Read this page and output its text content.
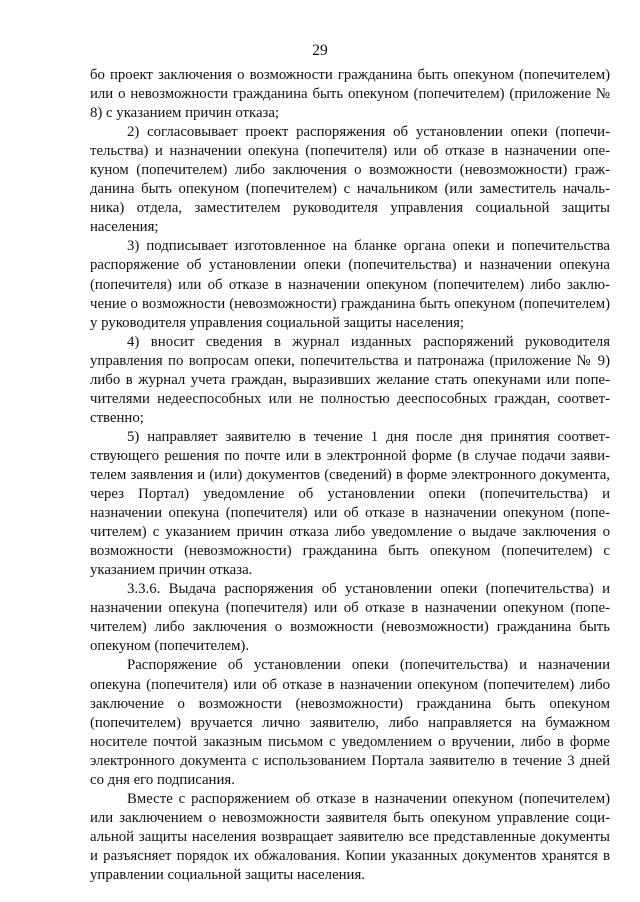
29

бо проект заключения о возможности гражданина быть опекуном (попечителем) или о невозможности гражданина быть опекуном (попечителем) (приложение № 8) с указанием причин отказа;

2) согласовывает проект распоряжения об установлении опеки (попечительства) и назначении опекуна (попечителя) или об отказе в назначении опекуном (попечителем) либо заключения о возможности (невозможности) гражданина быть опекуном (попечителем) с начальником (или заместитель начальника) отдела, заместителем руководителя управления социальной защиты населения;

3) подписывает изготовленное на бланке органа опеки и попечительства распоряжение об установлении опеки (попечительства) и назначении опекуна (попечителя) или об отказе в назначении опекуном (попечителем) либо заключение о возможности (невозможности) гражданина быть опекуном (попечителем) у руководителя управления социальной защиты населения;

4) вносит сведения в журнал изданных распоряжений руководителя управления по вопросам опеки, попечительства и патронажа (приложение № 9) либо в журнал учета граждан, выразивших желание стать опекунами или попечителями недееспособных или не полностью дееспособных граждан, соответственно;

5) направляет заявителю в течение 1 дня после дня принятия соответствующего решения по почте или в электронной форме (в случае подачи заявителем заявления и (или) документов (сведений) в форме электронного документа, через Портал) уведомление об установлении опеки (попечительства) и назначении опекуна (попечителя) или об отказе в назначении опекуном (попечителем) с указанием причин отказа либо уведомление о выдаче заключения о возможности (невозможности) гражданина быть опекуном (попечителем) с указанием причин отказа.

3.3.6. Выдача распоряжения об установлении опеки (попечительства) и назначении опекуна (попечителя) или об отказе в назначении опекуном (попечителем) либо заключения о возможности (невозможности) гражданина быть опекуном (попечителем).

Распоряжение об установлении опеки (попечительства) и назначении опекуна (попечителя) или об отказе в назначении опекуном (попечителем) либо заключение о возможности (невозможности) гражданина быть опекуном (попечителем) вручается лично заявителю, либо направляется на бумажном носителе почтой заказным письмом с уведомлением о вручении, либо в форме электронного документа с использованием Портала заявителю в течение 3 дней со дня его подписания.

Вместе с распоряжением об отказе в назначении опекуном (попечителем) или заключением о невозможности заявителя быть опекуном управление социальной защиты населения возвращает заявителю все представленные документы и разъясняет порядок их обжалования. Копии указанных документов хранятся в управлении социальной защиты населения.
